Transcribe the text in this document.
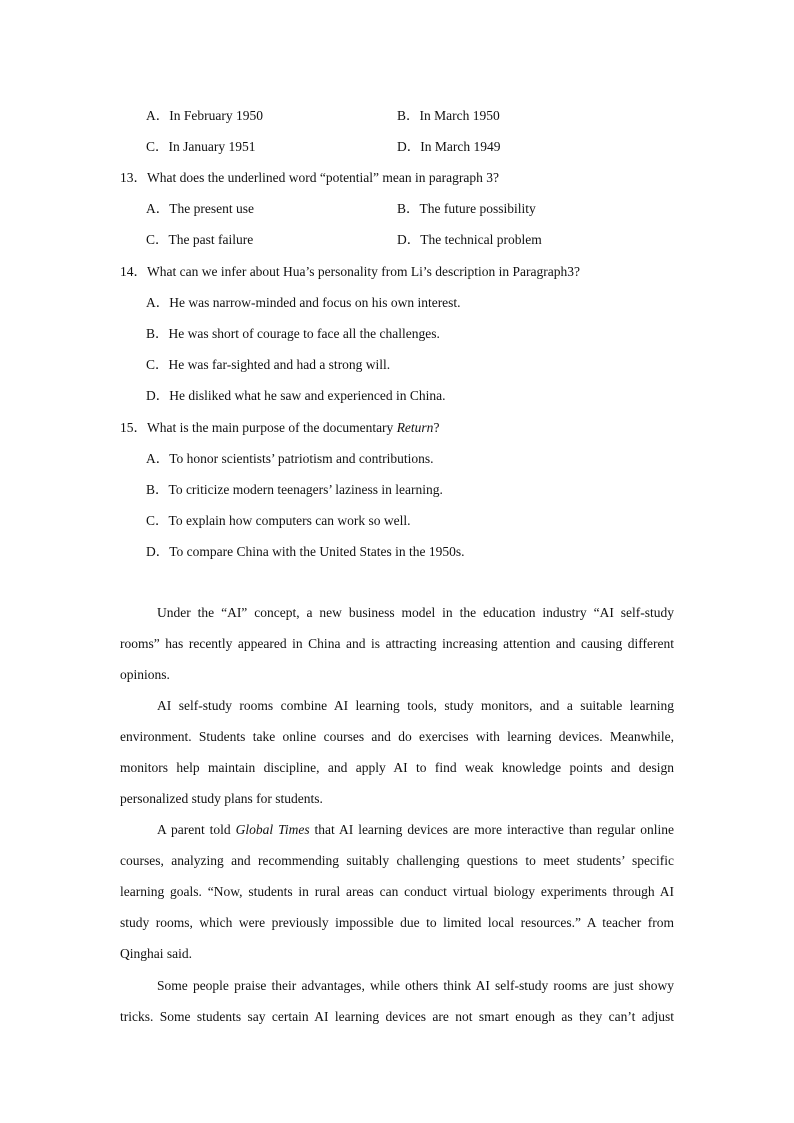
A．In February 1950	B．In March 1950
C．In January 1951	D．In March 1949
13．What does the underlined word “potential” mean in paragraph 3?
A．The present use	B．The future possibility
C．The past failure	D．The technical problem
14．What can we infer about Hua’s personality from Li’s description in Paragraph3?
A．He was narrow-minded and focus on his own interest.
B．He was short of courage to face all the challenges.
C．He was far-sighted and had a strong will.
D．He disliked what he saw and experienced in China.
15．What is the main purpose of the documentary Return?
A．To honor scientists’ patriotism and contributions.
B．To criticize modern teenagers’ laziness in learning.
C．To explain how computers can work so well.
D．To compare China with the United States in the 1950s.
Under the “AI” concept, a new business model in the education industry “AI self-study
rooms” has recently appeared in China and is attracting increasing attention and causing different
opinions.
AI self-study rooms combine AI learning tools, study monitors, and a suitable learning
environment. Students take online courses and do exercises with learning devices. Meanwhile,
monitors help maintain discipline, and apply AI to find weak knowledge points and design
personalized study plans for students.
A parent told Global Times that AI learning devices are more interactive than regular online
courses, analyzing and recommending suitably challenging questions to meet students’ specific
learning goals. “Now, students in rural areas can conduct virtual biology experiments through AI
study rooms, which were previously impossible due to limited local resources.” A teacher from
Qinghai said.
Some people praise their advantages, while others think AI self-study rooms are just showy
tricks. Some students say certain AI learning devices are not smart enough as they can’t adjust
